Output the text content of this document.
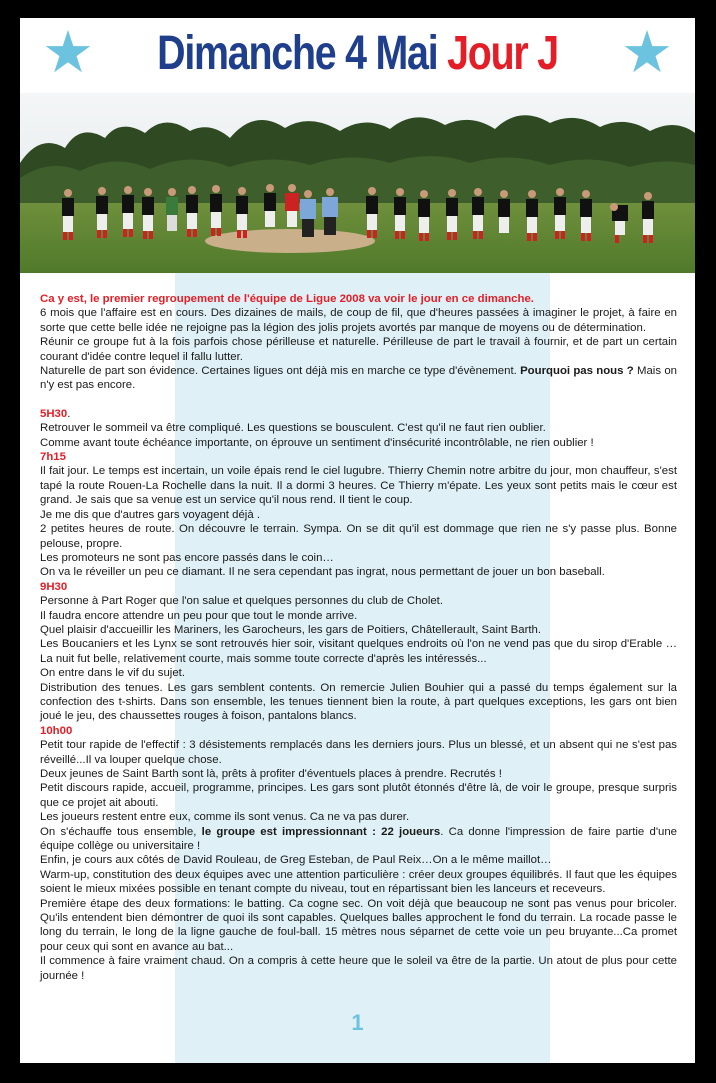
★	Dimanche 4 Mai Jour J	★

Ca y est, le premier regroupement de l'équipe de Ligue 2008 va voir le jour en ce dimanche.

6 mois que l'affaire est en cours. Des dizaines de mails, de coup de fil, que d'heures passées à imaginer le projet, à faire en sorte que cette belle idée ne rejoigne pas la légion des jolis projets avortés par manque de moyens ou de détermination.

Réunir ce groupe fut à la fois parfois chose périlleuse et naturelle. Périlleuse de part le travail à fournir, et de part un certain courant d'idée contre lequel il fallu lutter.

Naturelle de part son évidence. Certaines ligues ont déjà mis en marche ce type d'évènement. Pourquoi pas nous ? Mais on n'y est pas encore.

5H30.

Retrouver le sommeil va être compliqué. Les questions se bousculent. C'est qu'il ne faut rien oublier.

Comme avant toute échéance importante, on éprouve un sentiment d'insécurité incontrôlable, ne rien oublier !

7h15

Il fait jour. Le temps est incertain, un voile épais rend le ciel lugubre. Thierry Chemin notre arbitre du jour, mon chauffeur, s'est tapé la route Rouen-La Rochelle dans la nuit. Il a dormi 3 heures. Ce Thierry m'épate. Les yeux sont petits mais le cœur est grand. Je sais que sa venue est un service qu'il nous rend. Il tient le coup.

Je me dis que d'autres gars voyagent déjà .

2 petites heures de route. On découvre le terrain. Sympa. On se dit qu'il est dommage que rien ne s'y passe plus. Bonne pelouse, propre.

Les promoteurs ne sont pas encore passés dans le coin…

On va le réveiller un peu ce diamant. Il ne sera cependant pas ingrat, nous permettant de jouer un bon baseball.

9H30

Personne à Part Roger que l'on salue et quelques personnes du club de Cholet.

Il faudra encore attendre un peu pour que tout le monde arrive.

Quel plaisir d'accueillir les Mariners, les Garocheurs, les gars de Poitiers, Châtellerault, Saint Barth.

Les Boucaniers et les Lynx se sont retrouvés hier soir, visitant quelques endroits où l'on ne vend pas que du sirop d'Erable …La nuit fut belle, relativement courte, mais somme toute correcte d'après les intéressés...

On entre dans le vif du sujet.

Distribution des tenues. Les gars semblent contents. On remercie Julien Bouhier qui a passé du temps également sur la confection des t-shirts. Dans son ensemble, les tenues tiennent bien la route, à part quelques exceptions, les gars ont bien joué le jeu, des chaussettes rouges à foison, pantalons blancs.

10h00

Petit tour rapide de l'effectif : 3 désistements remplacés dans les derniers jours. Plus un blessé, et un absent qui ne s'est pas réveillé...Il va louper quelque chose.

Deux jeunes de Saint Barth sont là, prêts à profiter d'éventuels places à prendre. Recrutés !

Petit discours rapide, accueil, programme, principes. Les gars sont plutôt étonnés d'être là, de voir le groupe, presque surpris que ce projet ait abouti.

Les joueurs restent entre eux, comme ils sont venus. Ca ne va pas durer.

On s'échauffe tous ensemble, le groupe est impressionnant : 22 joueurs. Ca donne l'impression de faire partie d'une équipe collège ou universitaire !

Enfin, je cours aux côtés de David Rouleau, de Greg Esteban, de Paul Reix…On a le même maillot…

Warm-up, constitution des deux équipes avec une attention particulière : créer deux groupes équilibrés. Il faut que les équipes soient le mieux mixées possible en tenant compte du niveau, tout en répartissant bien les lanceurs et receveurs.

Première étape des deux formations: le batting. Ca cogne sec. On voit déjà que beaucoup ne sont pas venus pour bricoler. Qu'ils entendent bien démontrer de quoi ils sont capables. Quelques balles approchent le fond du terrain. La rocade passe le long du terrain, le long de la ligne gauche de foul-ball. 15 mètres nous séparnet de cette voie un peu bruyante...Ca promet pour ceux qui sont en avance au bat...

Il commence à faire vraiment chaud. On a compris à cette heure que le soleil va être de la partie. Un atout de plus pour cette journée !

1
